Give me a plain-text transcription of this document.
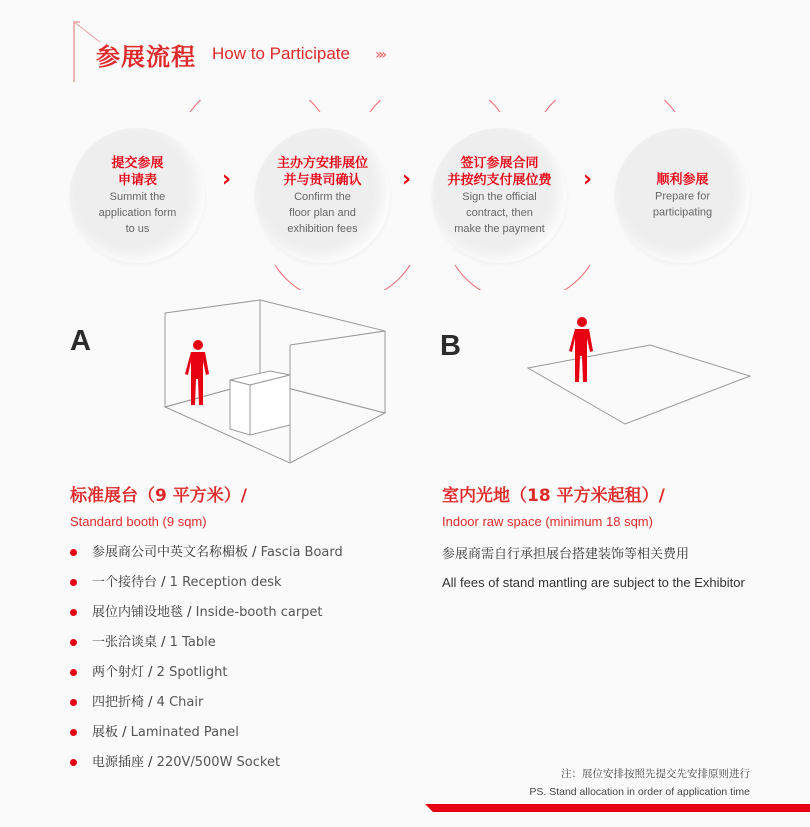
参展流程 How to Participate »»
提交参展
申请表
Summit the
application form
to us
›
主办方安排展位
并与贵司确认
Confirm the
floor plan and
exhibition fees
›
签订参展合同
并按约支付展位费
Sign the official
contract, then
make the payment
›	顺利参展
Prepare for
participating
A
标准展台（9 平方米）/
Standard booth (9 sqm)
参展商公司中英文名称楣板 / Fascia Board
一个接待台 / 1 Reception desk
展位内铺设地毯 / Inside-booth carpet
一张洽谈桌 / 1 Table
两个射灯 / 2 Spotlight
四把折椅 / 4 Chair
展板 / Laminated Panel
电源插座 / 220V/500W Socket
B
室内光地（18 平方米起租）/
Indoor raw space (minimum 18 sqm)
参展商需自行承担展台搭建装饰等相关费用
All fees of stand mantling are subject to the Exhibitor
注：展位安排按照先提交先安排原则进行
PS. Stand allocation in order of application time
